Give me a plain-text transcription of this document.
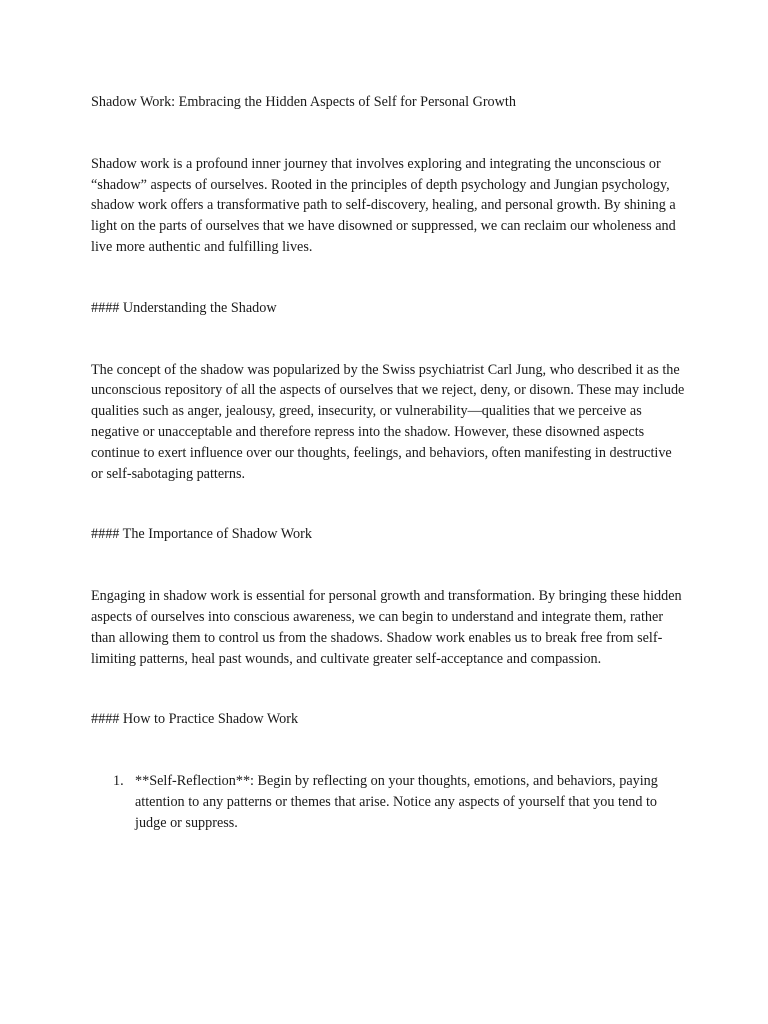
Shadow Work: Embracing the Hidden Aspects of Self for Personal Growth

Shadow work is a profound inner journey that involves exploring and integrating the unconscious or “shadow” aspects of ourselves. Rooted in the principles of depth psychology and Jungian psychology, shadow work offers a transformative path to self-discovery, healing, and personal growth. By shining a light on the parts of ourselves that we have disowned or suppressed, we can reclaim our wholeness and live more authentic and fulfilling lives.

#### Understanding the Shadow

The concept of the shadow was popularized by the Swiss psychiatrist Carl Jung, who described it as the unconscious repository of all the aspects of ourselves that we reject, deny, or disown. These may include qualities such as anger, jealousy, greed, insecurity, or vulnerability—qualities that we perceive as negative or unacceptable and therefore repress into the shadow. However, these disowned aspects continue to exert influence over our thoughts, feelings, and behaviors, often manifesting in destructive or self-sabotaging patterns.

#### The Importance of Shadow Work

Engaging in shadow work is essential for personal growth and transformation. By bringing these hidden aspects of ourselves into conscious awareness, we can begin to understand and integrate them, rather than allowing them to control us from the shadows. Shadow work enables us to break free from self-limiting patterns, heal past wounds, and cultivate greater self-acceptance and compassion.

#### How to Practice Shadow Work

1. **Self-Reflection**: Begin by reflecting on your thoughts, emotions, and behaviors, paying attention to any patterns or themes that arise. Notice any aspects of yourself that you tend to judge or suppress.
